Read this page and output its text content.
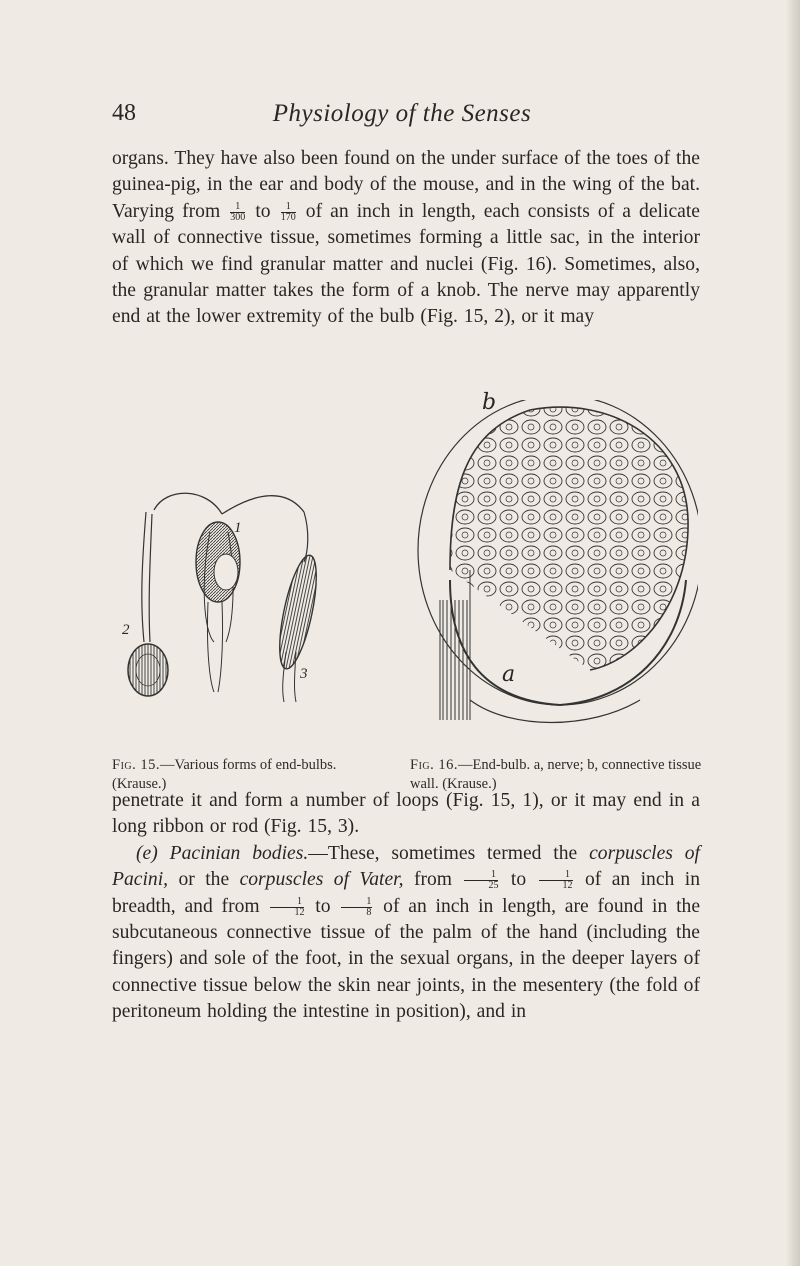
48	Physiology of the Senses

organs. They have also been found on the under surface of the toes of the guinea-pig, in the ear and body of the mouse, and in the wing of the bat. Varying from $\frac{1}{300}$ to $\frac{1}{170}$ of an inch in length, each consists of a delicate wall of connective tissue, sometimes forming a little sac, in the interior of which we find granular matter and nuclei (Fig. 16). Sometimes, also, the granular matter takes the form of a knob. The nerve may apparently end at the lower extremity of the bulb (Fig. 15, 2), or it may

1
2
3
b
a
Fig. 15.—Various forms of end-bulbs. (Krause.)
Fig. 16.—End-bulb. a, nerve; b, connective tissue wall. (Krause.)

penetrate it and form a number of loops (Fig. 15, 1), or it may end in a long ribbon or rod (Fig. 15, 3).

(e) Pacinian bodies.—These, sometimes termed the corpuscles of Pacini, or the corpuscles of Vater, from $\frac{1}{25}$ to $\frac{1}{12}$ of an inch in breadth, and from $\frac{1}{12}$ to $\frac{1}{8}$ of an inch in length, are found in the subcutaneous connective tissue of the palm of the hand (including the fingers) and sole of the foot, in the sexual organs, in the deeper layers of connective tissue below the skin near joints, in the mesentery (the fold of peritoneum holding the intestine in position), and in
